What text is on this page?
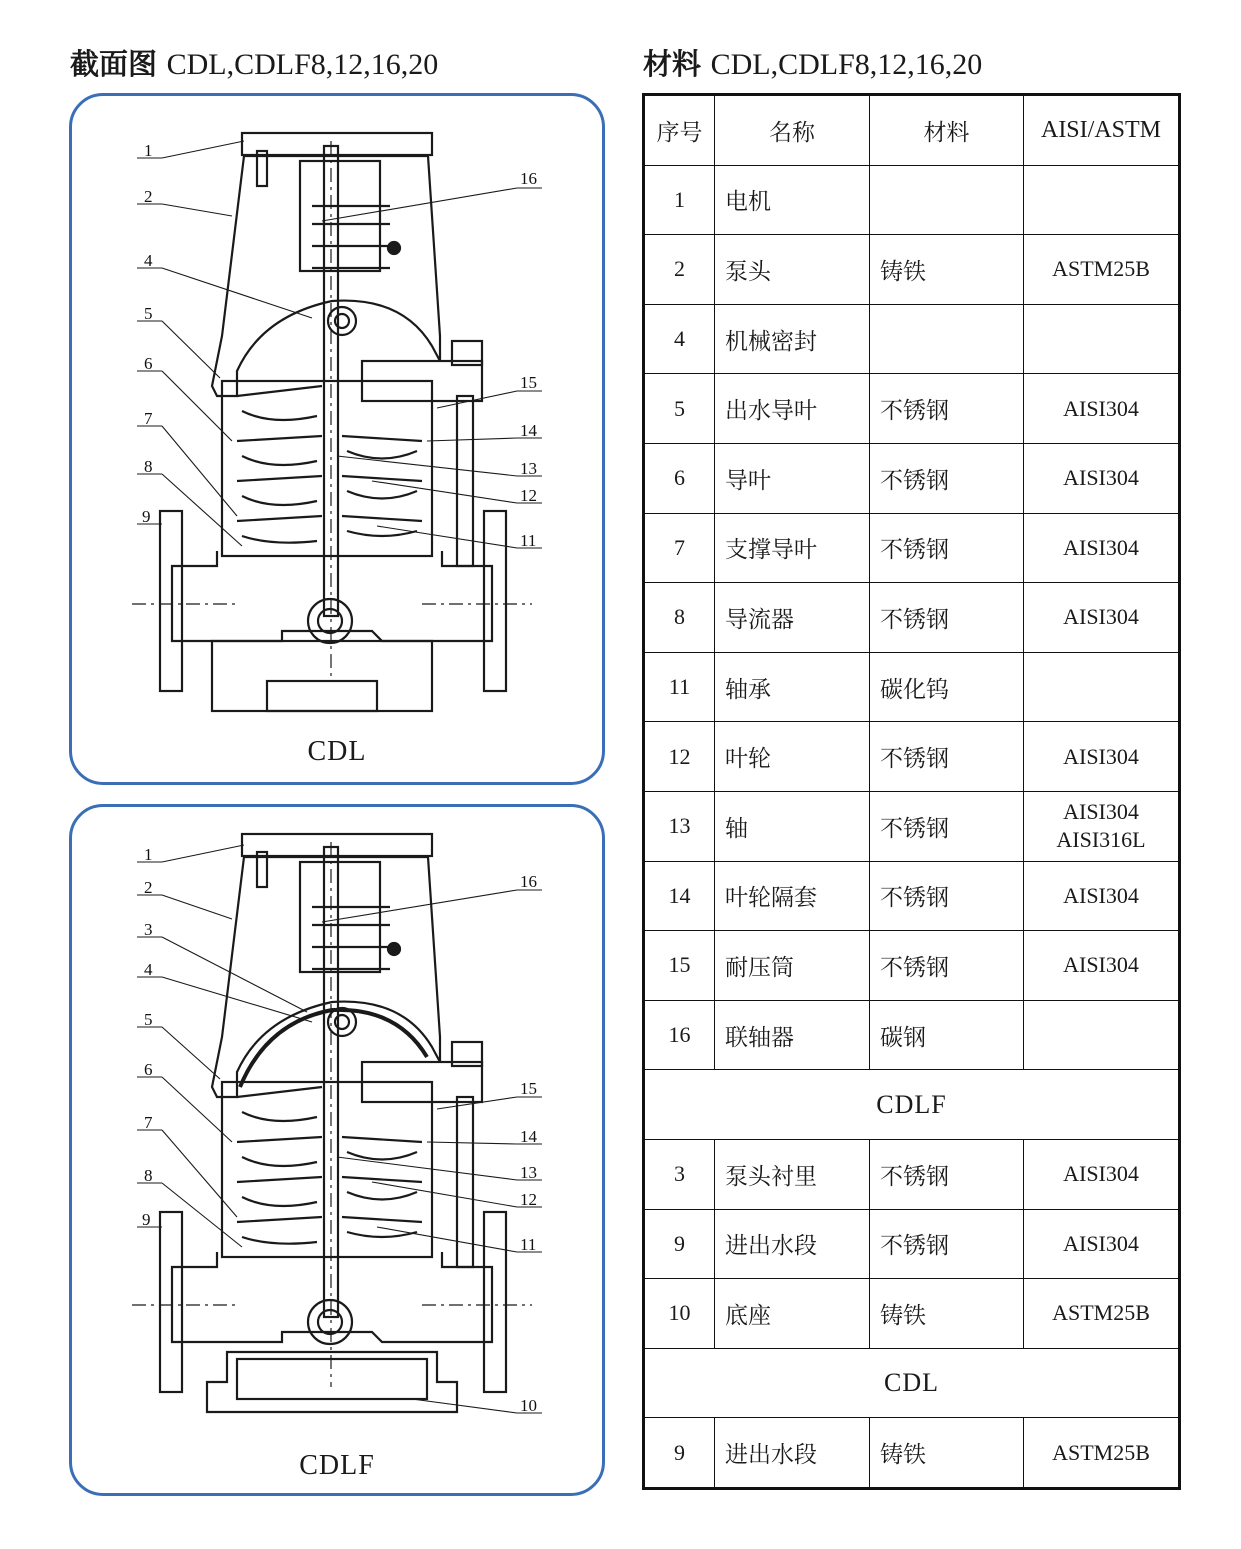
截面图 CDL,CDLF8,12,16,20	材料 CDL,CDLF8,12,16,20
1
2
4
5
6
7
8
9
16
15
14
13
12
11
CDL
1
2
3
4
5
6
7
8
9
16
15
14
13
12
11
10
CDLF
序号	名称	材料	AISI/ASTM
1	电机		
2	泵头	铸铁	ASTM25B
4	机械密封		
5	出水导叶	不锈钢	AISI304
6	导叶	不锈钢	AISI304
7	支撑导叶	不锈钢	AISI304
8	导流器	不锈钢	AISI304
11	轴承	碳化钨	
12	叶轮	不锈钢	AISI304
13	轴	不锈钢	AISI304
AISI316L
14	叶轮隔套	不锈钢	AISI304
15	耐压筒	不锈钢	AISI304
16	联轴器	碳钢	
CDLF			
3	泵头衬里	不锈钢	AISI304
9	进出水段	不锈钢	AISI304
10	底座	铸铁	ASTM25B
CDL			
9	进出水段	铸铁	ASTM25B
